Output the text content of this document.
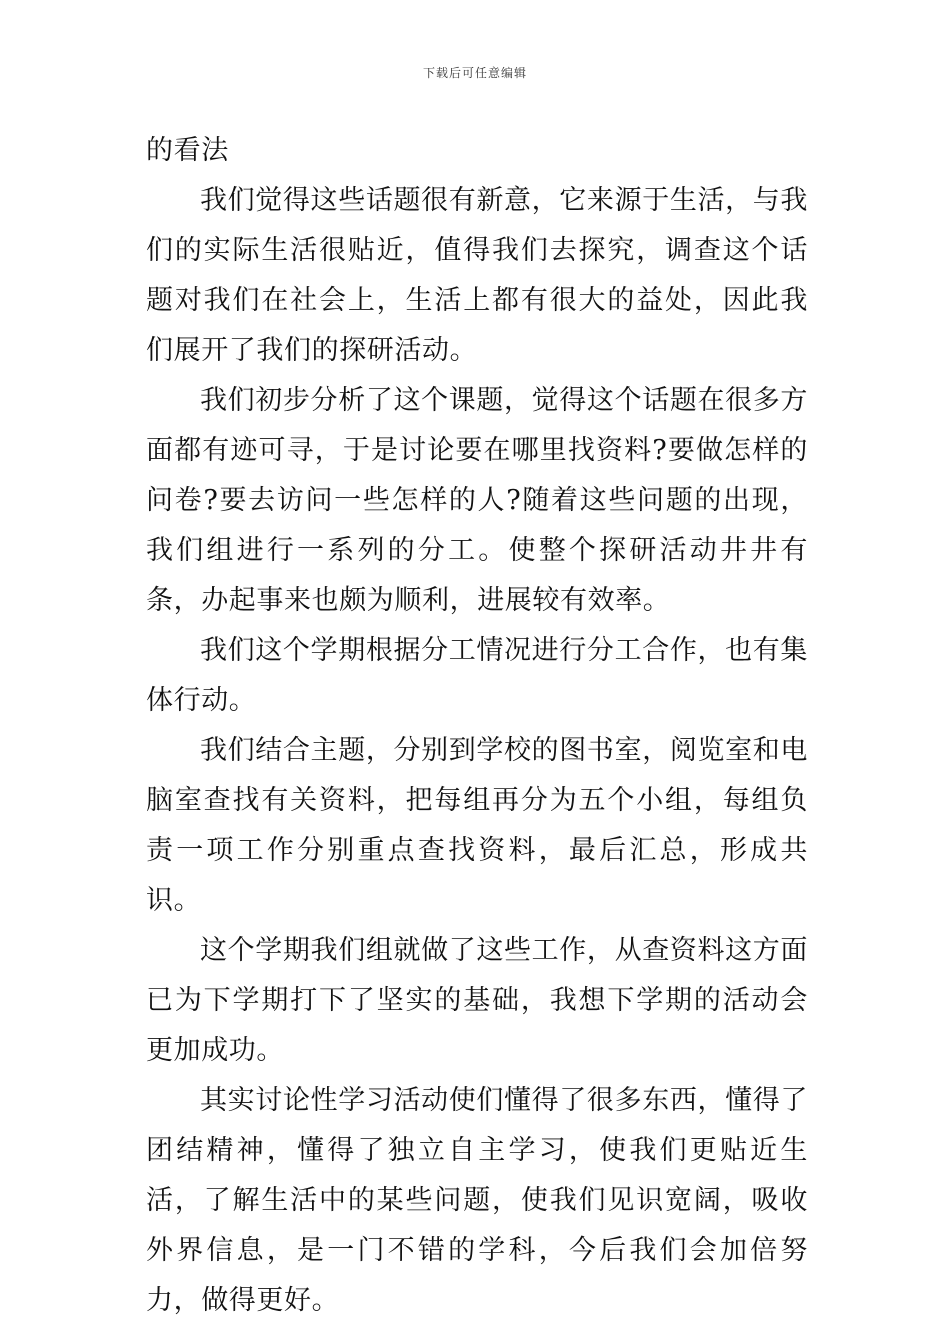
下载后可任意编辑

的看法

我们觉得这些话题很有新意，它来源于生活，与我们的实际生活很贴近，值得我们去探究，调查这个话题对我们在社会上，生活上都有很大的益处，因此我们展开了我们的探研活动。

我们初步分析了这个课题，觉得这个话题在很多方面都有迹可寻，于是讨论要在哪里找资料?要做怎样的问卷?要去访问一些怎样的人?随着这些问题的出现，我们组进行一系列的分工。使整个探研活动井井有条，办起事来也颇为顺利，进展较有效率。

我们这个学期根据分工情况进行分工合作，也有集体行动。

我们结合主题，分别到学校的图书室，阅览室和电脑室查找有关资料，把每组再分为五个小组，每组负责一项工作分别重点查找资料，最后汇总，形成共识。

这个学期我们组就做了这些工作，从查资料这方面已为下学期打下了坚实的基础，我想下学期的活动会更加成功。

其实讨论性学习活动使们懂得了很多东西，懂得了团结精神，懂得了独立自主学习，使我们更贴近生活，了解生活中的某些问题，使我们见识宽阔，吸收外界信息，是一门不错的学科，今后我们会加倍努力，做得更好。
